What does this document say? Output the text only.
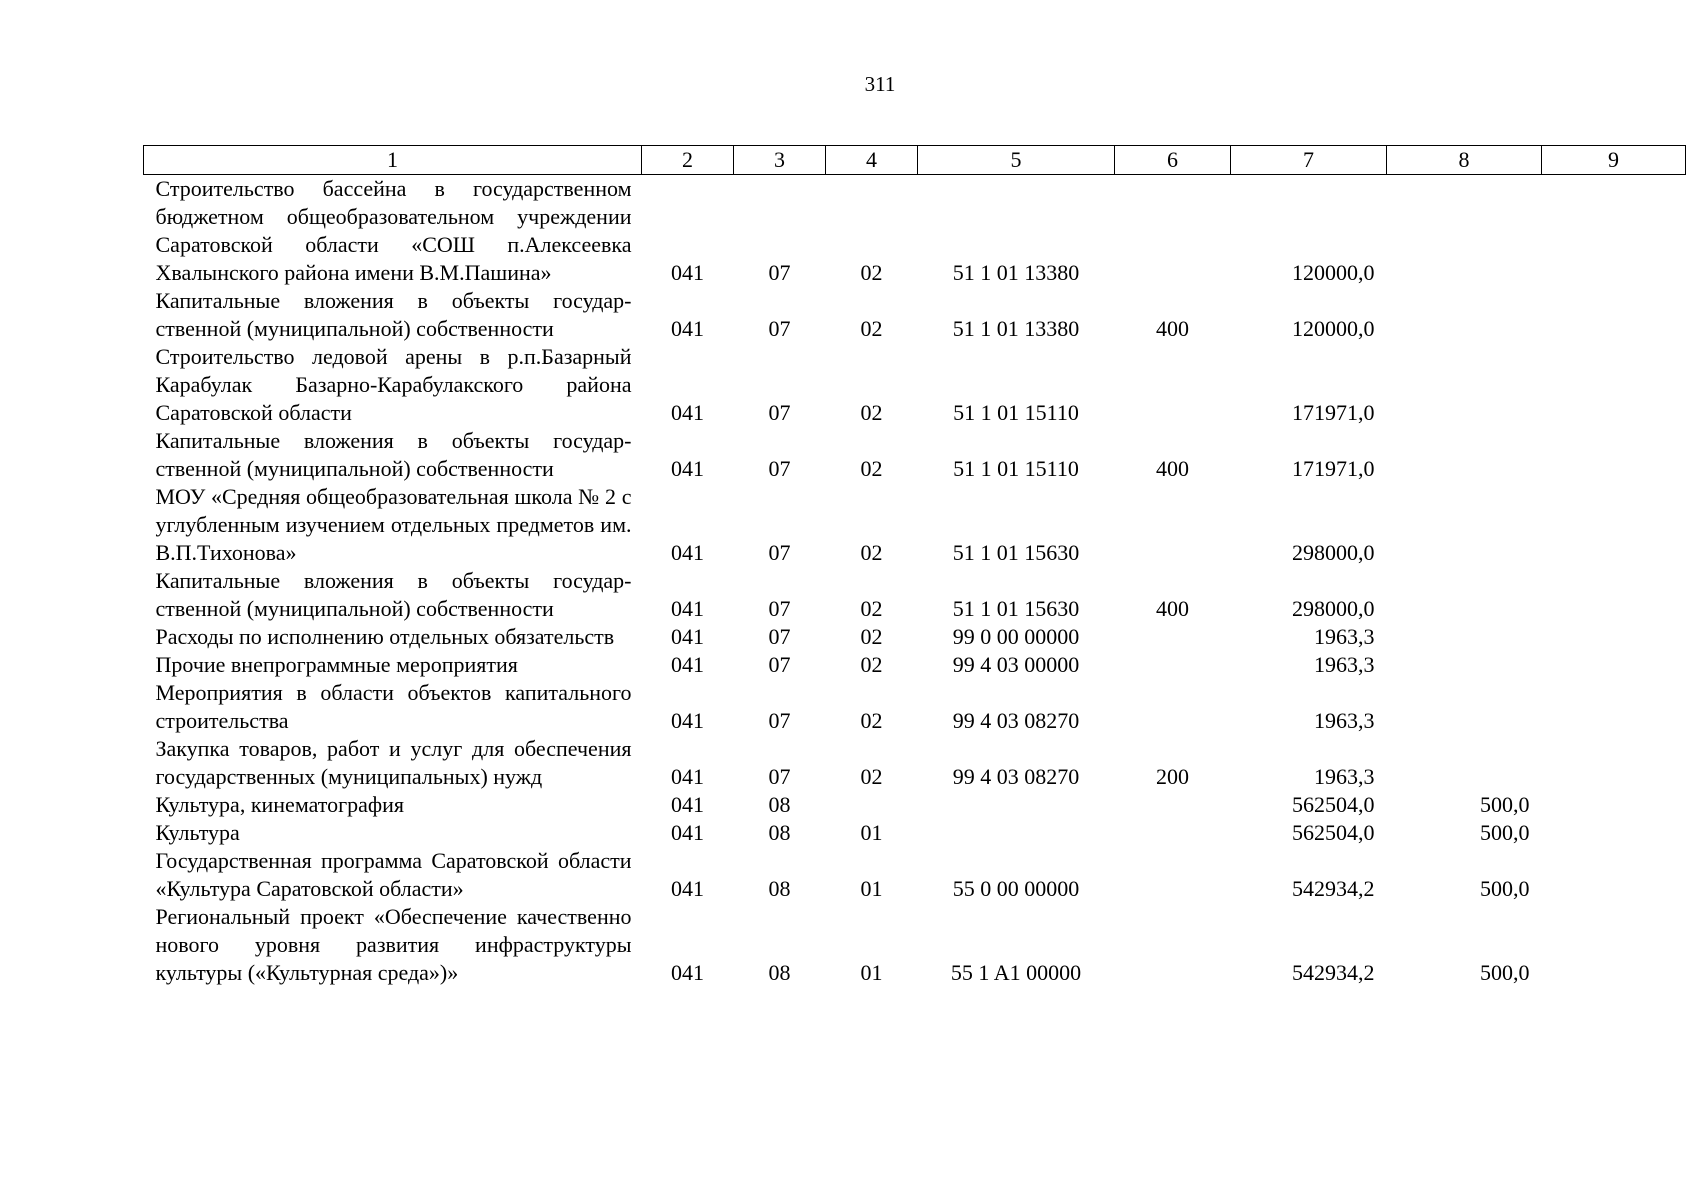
311
1	2	3	4	5	6	7	8	9
Строительство бассейна в государственном бюджетном общеобразовательном учреждении Саратовской области «СОШ п.Алексеевка Хвалынского района имени В.М.Пашина»	041	07	02	51 1 01 13380		120000,0		
Капитальные вложения в объекты государственной (муниципальной) собственности	041	07	02	51 1 01 13380	400	120000,0		
Строительство ледовой арены в р.п.Базарный Карабулак Базарно-Карабулакского района Саратовской области	041	07	02	51 1 01 15110		171971,0		
Капитальные вложения в объекты государственной (муниципальной) собственности	041	07	02	51 1 01 15110	400	171971,0		
МОУ «Средняя общеобразовательная школа № 2 с углубленным изучением отдельных предметов им. В.П.Тихонова»	041	07	02	51 1 01 15630		298000,0		
Капитальные вложения в объекты государственной (муниципальной) собственности	041	07	02	51 1 01 15630	400	298000,0		
Расходы по исполнению отдельных обязательств	041	07	02	99 0 00 00000		1963,3		
Прочие внепрограммные мероприятия	041	07	02	99 4 03 00000		1963,3		
Мероприятия в области объектов капитального строительства	041	07	02	99 4 03 08270		1963,3		
Закупка товаров, работ и услуг для обеспечения государственных (муниципальных) нужд	041	07	02	99 4 03 08270	200	1963,3		
Культура, кинематография	041	08				562504,0	500,0	
Культура	041	08	01			562504,0	500,0	
Государственная программа Саратовской области «Культура Саратовской области»	041	08	01	55 0 00 00000		542934,2	500,0	
Региональный проект «Обеспечение качественно нового уровня развития инфраструктуры культуры («Культурная среда»)»	041	08	01	55 1 A1 00000		542934,2	500,0	
